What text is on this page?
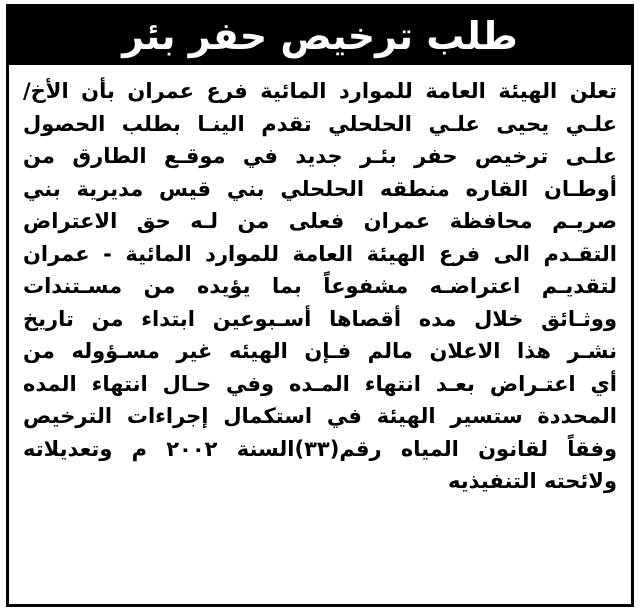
طلب ترخيص حفر بئر
تعلن الهيئة العامة للموارد المائية فرع عمران بأن الأخ/
علـي يحيى علـي الحلحلي تقدم الينـا بطلب الحصول
علـى ترخيص حفر بئـر جديد في موقـع الطارق من
أوطـان القاره منطقه الحلحلي بني قيس مديرية بني
صريـم محافظة عمران فعلى من لـه حق الاعتراض
التقـدم الى فرع الهيئة العامة للموارد المائية - عمران
لتقديـم اعتراضـه مشفوعاً بما يؤيده من مسـتندات
ووثـائق خلال مده أقصاها أسـبوعين ابتداء من تاريخ
نشـر هذا الاعلان مالم فـإن الهيئه غير مسـؤوله من
أي اعتـراض بعـد انتهاء المـده وفي حـال انتهاء المده
المحددة ستسير الهيئة في استكمال إجراءات الترخيص
وفقاً لقانون المياه رقم(٣٣)السنة ٢٠٠٢ م وتعديلاته
ولائحته التنفيذيه
